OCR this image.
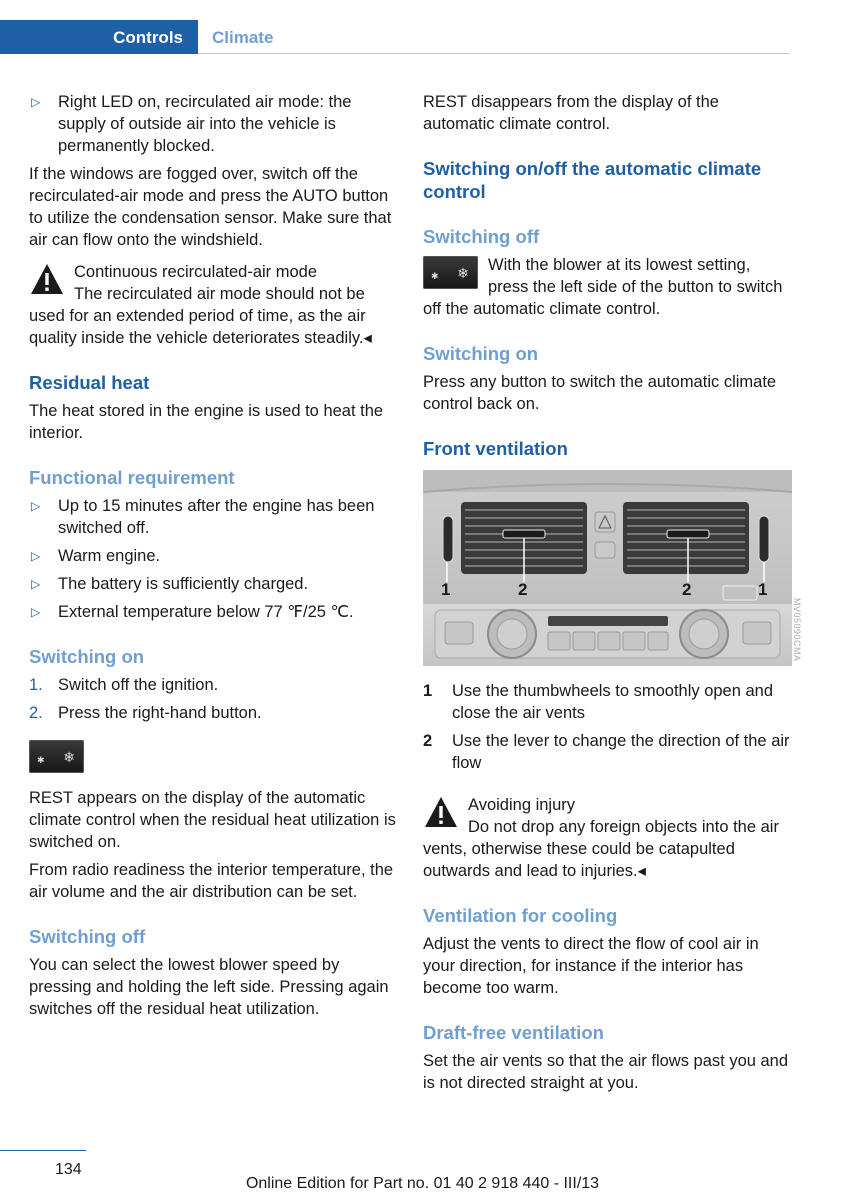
Controls	Climate
▷ Right LED on, recirculated air mode: the supply of outside air into the vehicle is permanently blocked.

If the windows are fogged over, switch off the recirculated-air mode and press the AUTO button to utilize the condensation sensor. Make sure that air can flow onto the windshield.

Continuous recirculated-air mode
The recirculated air mode should not be used for an extended period of time, as the air quality inside the vehicle deteriorates steadily.◂
Residual heat

The heat stored in the engine is used to heat the interior.

Functional requirement
▷ Up to 15 minutes after the engine has been switched off.
▷ Warm engine.
▷ The battery is sufficiently charged.
▷ External temperature below 77 ℉/25 ℃.
Switching on
1. Switch off the ignition.
2. Press the right-hand button.
✱ ❄

REST appears on the display of the automatic climate control when the residual heat utilization is switched on.

From radio readiness the interior temperature, the air volume and the air distribution can be set.

Switching off

You can select the lowest blower speed by pressing and holding the left side. Pressing again switches off the residual heat utilization.

REST disappears from the display of the automatic climate control.

Switching on/off the automatic climate control
Switching off
✱ ❄ With the blower at its lowest setting, press the left side of the button to switch off the automatic climate control.
Switching on

Press any button to switch the automatic climate control back on.

Front ventilation
1	2	2	1
MV05090CMA
1 Use the thumbwheels to smoothly open and close the air vents
2 Use the lever to change the direction of the air flow
Avoiding injury
Do not drop any foreign objects into the air vents, otherwise these could be catapulted outwards and lead to injuries.◂
Ventilation for cooling

Adjust the vents to direct the flow of cool air in your direction, for instance if the interior has become too warm.

Draft-free ventilation

Set the air vents so that the air flows past you and is not directed straight at you.

134
Online Edition for Part no. 01 40 2 918 440 - III/13
